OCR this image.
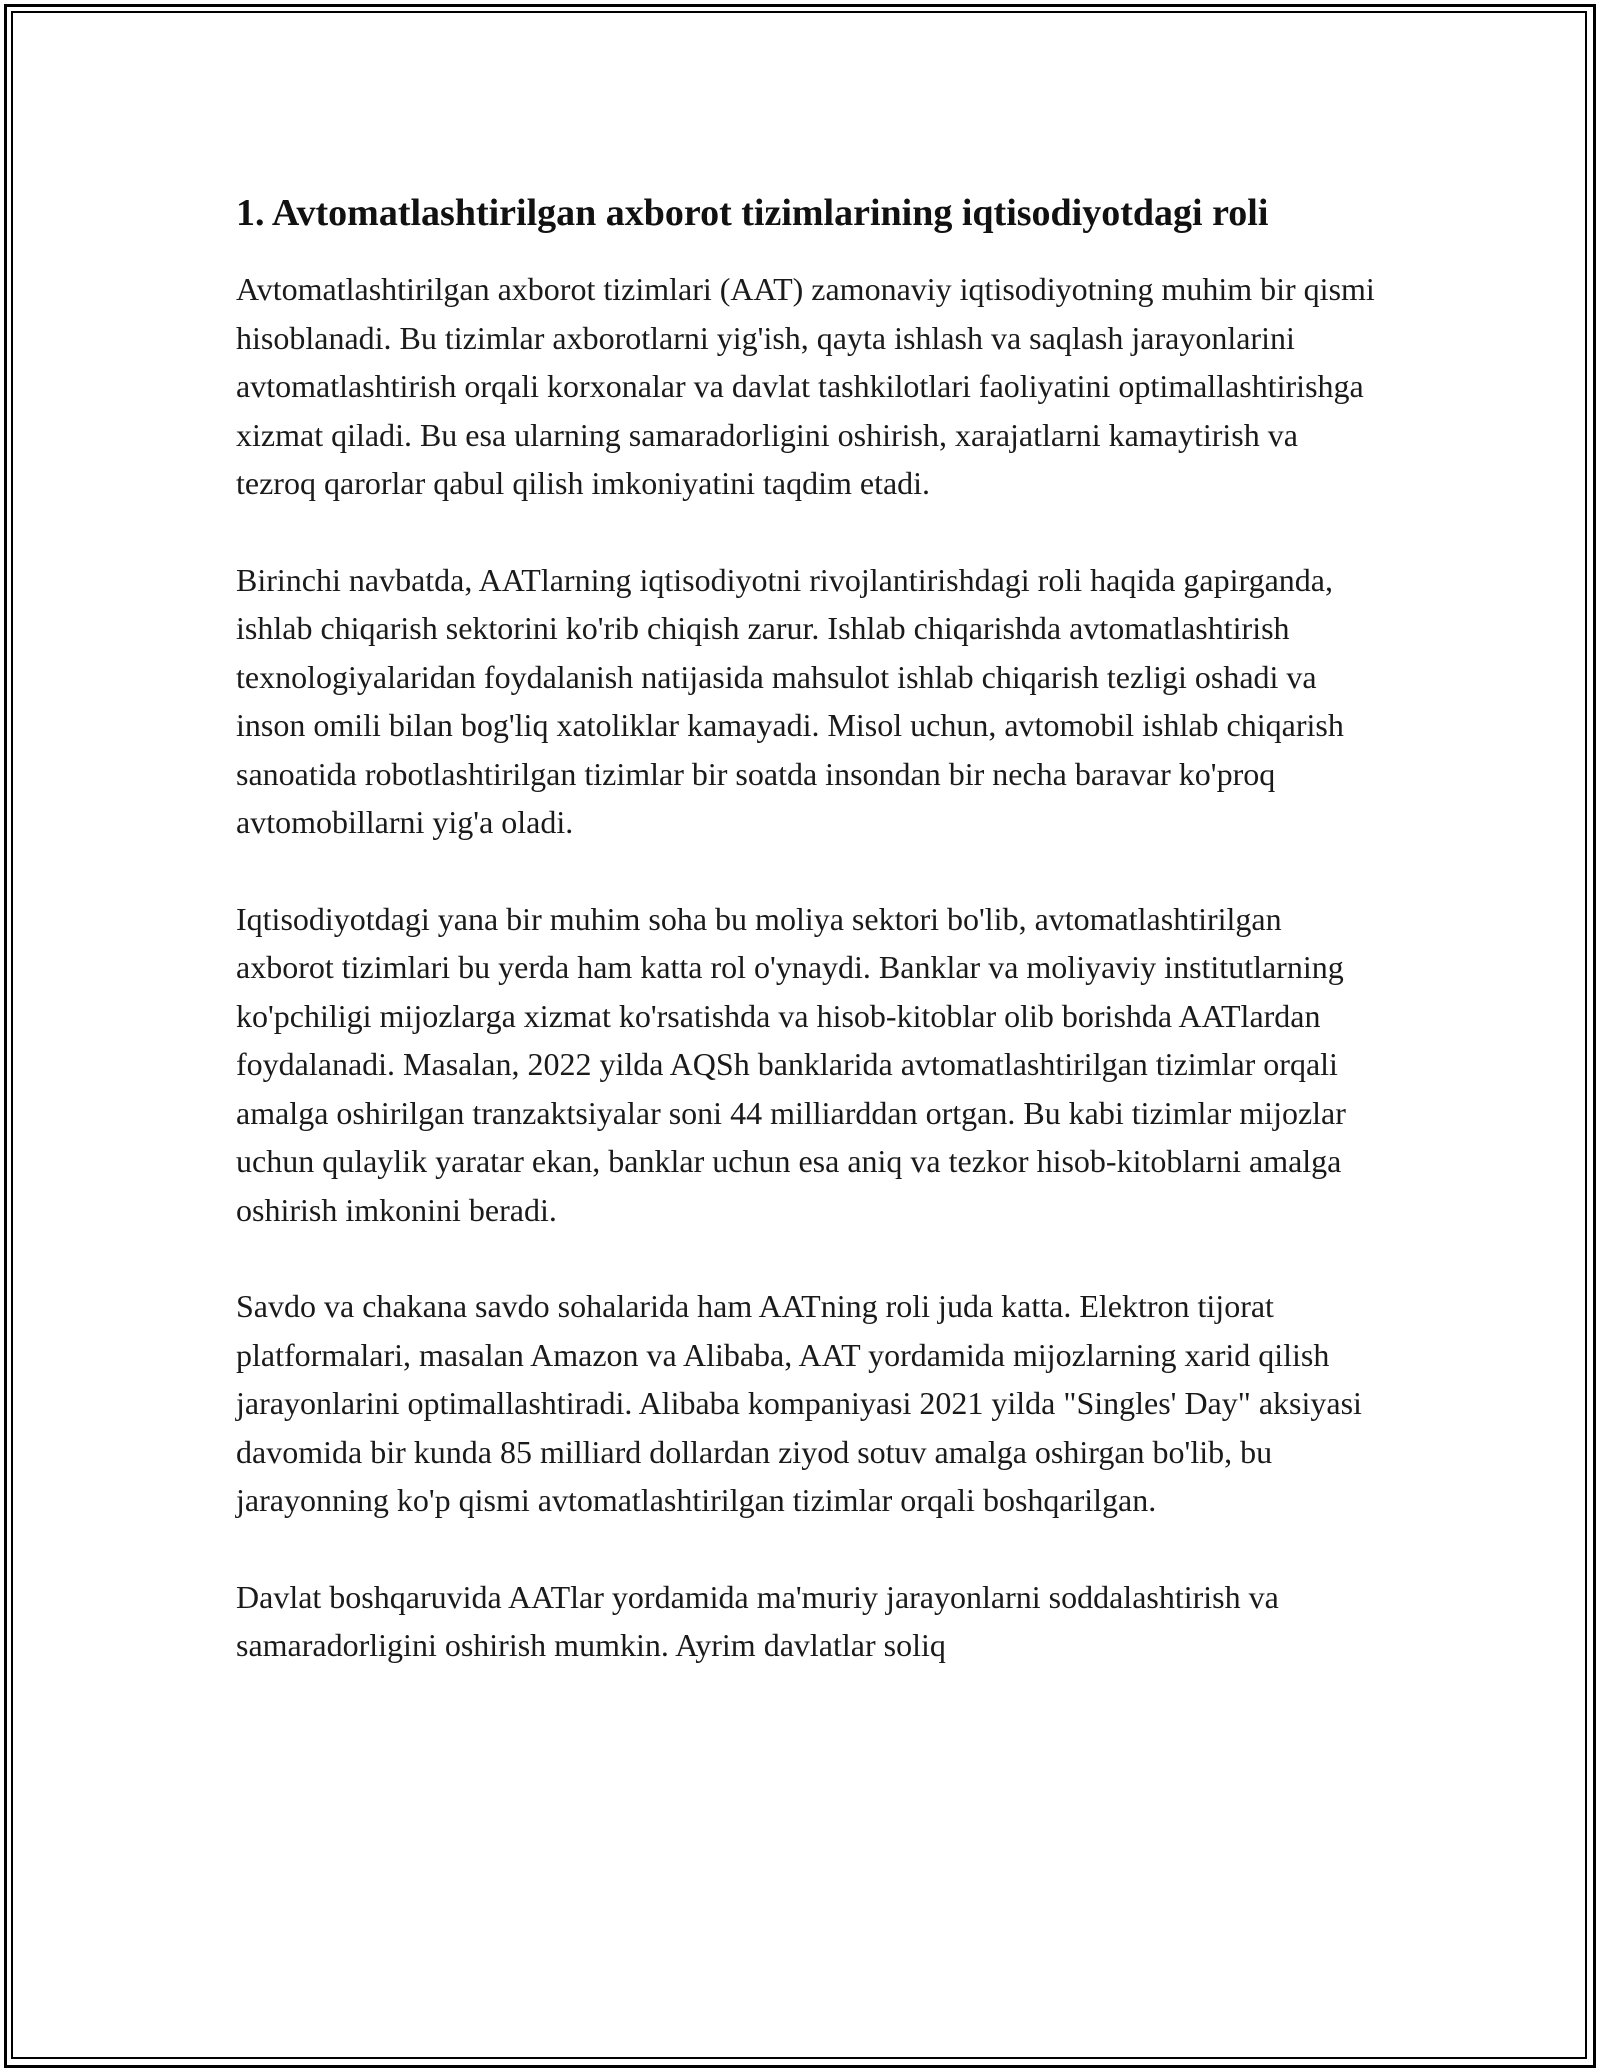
1. Avtomatlashtirilgan axborot tizimlarining iqtisodiyotdagi roli

Avtomatlashtirilgan axborot tizimlari (AAT) zamonaviy iqtisodiyotning muhim bir qismi hisoblanadi. Bu tizimlar axborotlarni yig'ish, qayta ishlash va saqlash jarayonlarini avtomatlashtirish orqali korxonalar va davlat tashkilotlari faoliyatini optimallashtirishga xizmat qiladi. Bu esa ularning samaradorligini oshirish, xarajatlarni kamaytirish va tezroq qarorlar qabul qilish imkoniyatini taqdim etadi.

Birinchi navbatda, AATlarning iqtisodiyotni rivojlantirishdagi roli haqida gapirganda, ishlab chiqarish sektorini ko'rib chiqish zarur. Ishlab chiqarishda avtomatlashtirish texnologiyalaridan foydalanish natijasida mahsulot ishlab chiqarish tezligi oshadi va inson omili bilan bog'liq xatoliklar kamayadi. Misol uchun, avtomobil ishlab chiqarish sanoatida robotlashtirilgan tizimlar bir soatda insondan bir necha baravar ko'proq avtomobillarni yig'a oladi.

Iqtisodiyotdagi yana bir muhim soha bu moliya sektori bo'lib, avtomatlashtirilgan axborot tizimlari bu yerda ham katta rol o'ynaydi. Banklar va moliyaviy institutlarning ko'pchiligi mijozlarga xizmat ko'rsatishda va hisob-kitoblar olib borishda AATlardan foydalanadi. Masalan, 2022 yilda AQSh banklarida avtomatlashtirilgan tizimlar orqali amalga oshirilgan tranzaktsiyalar soni 44 milliarddan ortgan. Bu kabi tizimlar mijozlar uchun qulaylik yaratar ekan, banklar uchun esa aniq va tezkor hisob-kitoblarni amalga oshirish imkonini beradi.

Savdo va chakana savdo sohalarida ham AATning roli juda katta. Elektron tijorat platformalari, masalan Amazon va Alibaba, AAT yordamida mijozlarning xarid qilish jarayonlarini optimallashtiradi. Alibaba kompaniyasi 2021 yilda "Singles' Day" aksiyasi davomida bir kunda 85 milliard dollardan ziyod sotuv amalga oshirgan bo'lib, bu jarayonning ko'p qismi avtomatlashtirilgan tizimlar orqali boshqarilgan.

Davlat boshqaruvida AATlar yordamida ma'muriy jarayonlarni soddalashtirish va samaradorligini oshirish mumkin. Ayrim davlatlar soliq
